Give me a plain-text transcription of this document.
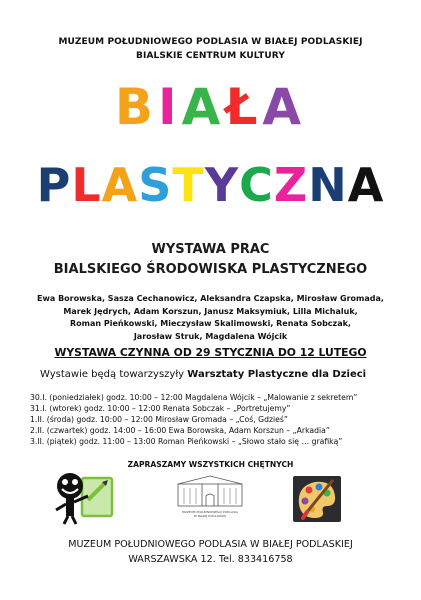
MUZEUM POŁUDNIOWEGO PODLASIA W BIAŁEJ PODLASKIEJ
BIALSKIE CENTRUM KULTURY
BIAŁA
PLASTYCZNA
WYSTAWA PRAC
BIALSKIEGO ŚRODOWISKA PLASTYCZNEGO
Ewa Borowska, Sasza Cechanowicz, Aleksandra Czapska, Mirosław Gromada,
Marek Jędrych, Adam Korszun, Janusz Maksymiuk, Lilla Michaluk,
Roman Pieńkowski, Mieczysław Skalimowski, Renata Sobczak,
Jarosław Struk, Magdalena Wójcik
WYSTAWA CZYNNA OD 29 STYCZNIA DO 12 LUTEGO
Wystawie będą towarzyszyły Warsztaty Plastyczne dla Dzieci
30.I. (poniedziałek) godz. 10:00 – 12:00 Magdalena Wójcik – „Malowanie z sekretem”
31.I. (wtorek) godz. 10:00 – 12:00 Renata Sobczak – „Portretujemy”
1.II. (środa) godz. 10:00 – 12:00 Mirosław Gromada – „Coś, Gdzieś”
2.II. (czwartek) godz. 14:00 – 16:00 Ewa Borowska, Adam Korszun – „Arkadia”
3.II. (piątek) godz. 11:00 – 13:00 Roman Pieńkowski – „Słowo stało się … grafiką”
ZAPRASZAMY WSZYSTKICH CHĘTNYCH
MUZEUM POŁUDNIOWEGO PODLASIA
W BIAŁEJ PODLASKIEJ
MUZEUM POŁUDNIOWEGO PODLASIA W BIAŁEJ PODLASKIEJ
WARSZAWSKA 12. Tel. 833416758
